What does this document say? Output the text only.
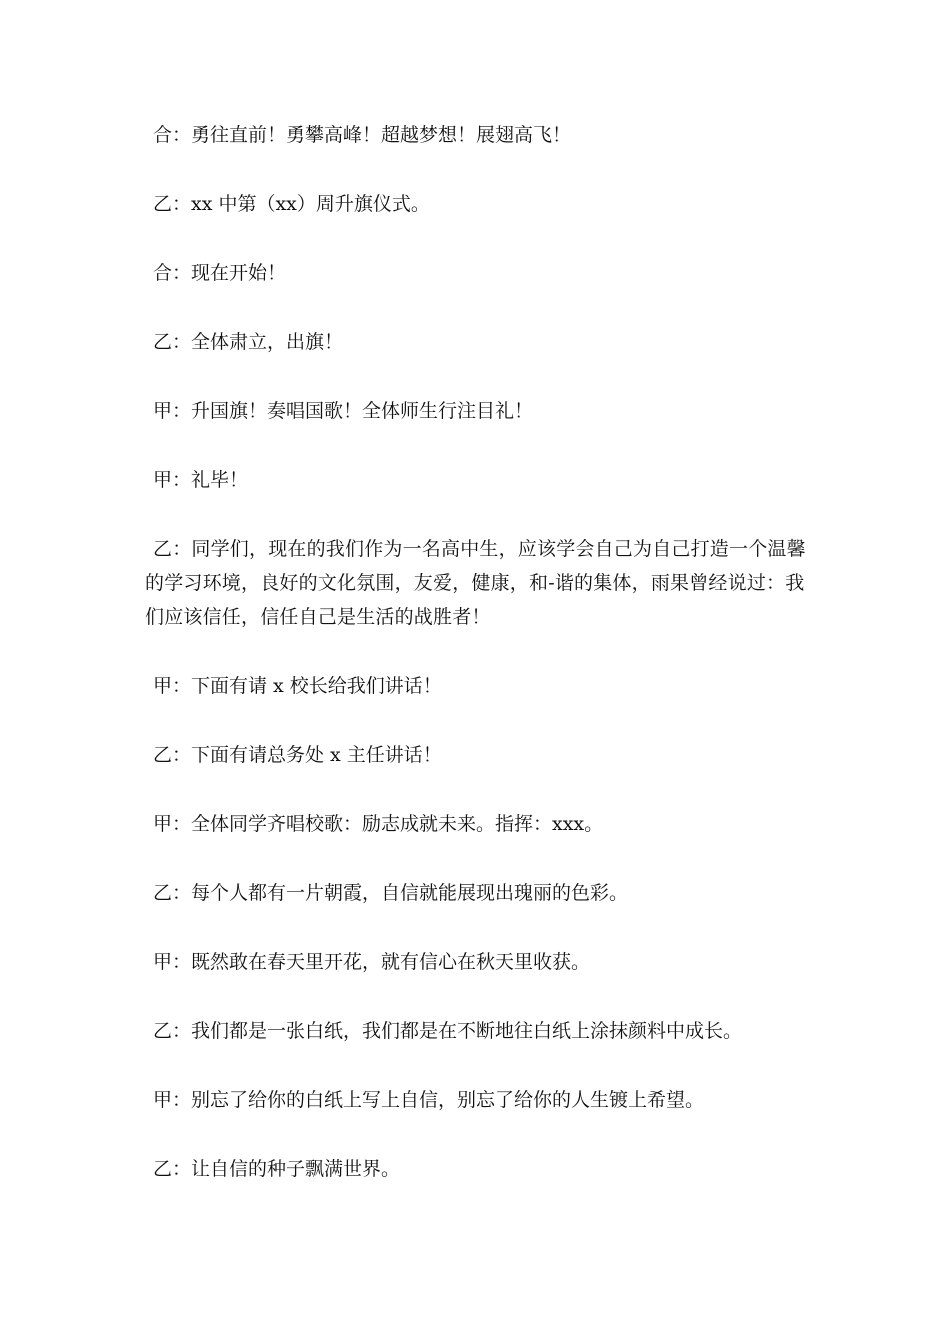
合：勇往直前！勇攀高峰！超越梦想！展翅高飞！

乙：xx 中第（xx）周升旗仪式。

合：现在开始！

乙：全体肃立，出旗！

甲：升国旗！奏唱国歌！全体师生行注目礼！

甲：礼毕！

乙：同学们，现在的我们作为一名高中生，应该学会自己为自己打造一个温馨的学习环境，良好的文化氛围，友爱，健康，和-谐的集体，雨果曾经说过：我们应该信任，信任自己是生活的战胜者！

甲：下面有请 x 校长给我们讲话！

乙：下面有请总务处 x 主任讲话！

甲：全体同学齐唱校歌：励志成就未来。指挥：xxx。

乙：每个人都有一片朝霞，自信就能展现出瑰丽的色彩。

甲：既然敢在春天里开花，就有信心在秋天里收获。

乙：我们都是一张白纸，我们都是在不断地往白纸上涂抹颜料中成长。

甲：别忘了给你的白纸上写上自信，别忘了给你的人生镀上希望。

乙：让自信的种子飘满世界。
